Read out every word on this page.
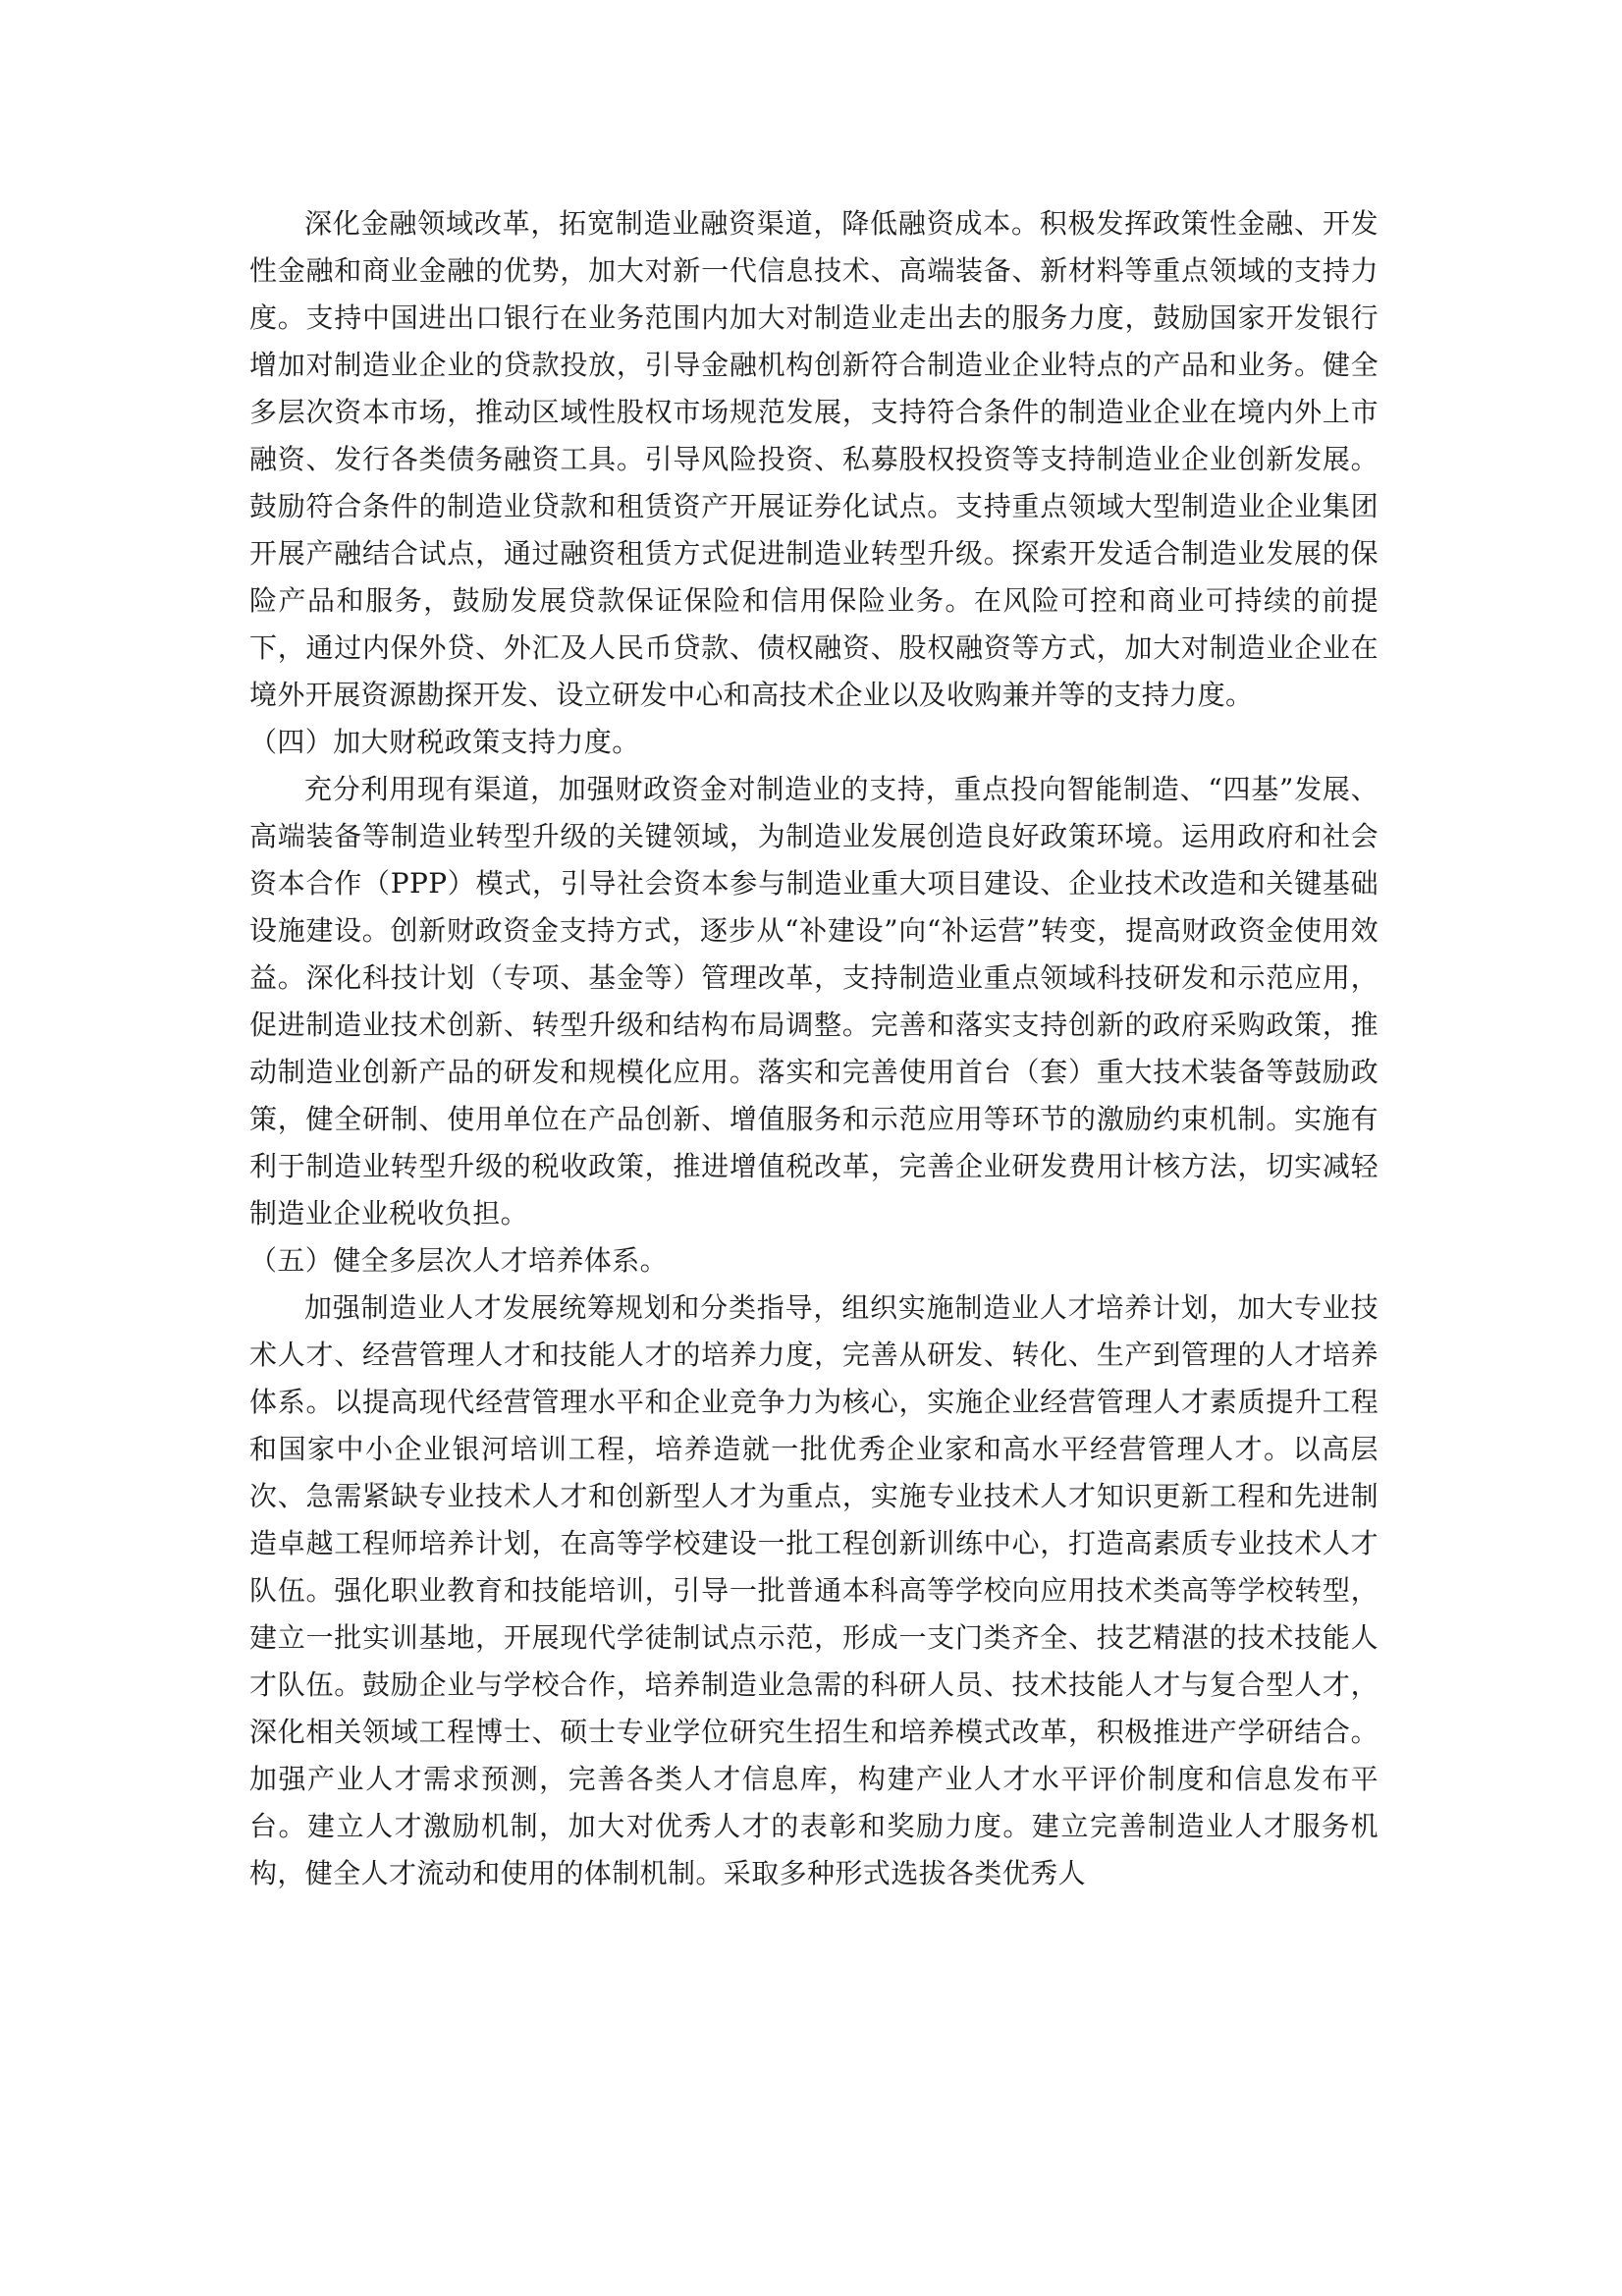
深化金融领域改革，拓宽制造业融资渠道，降低融资成本。积极发挥政策性金融、开发性金融和商业金融的优势，加大对新一代信息技术、高端装备、新材料等重点领域的支持力度。支持中国进出口银行在业务范围内加大对制造业走出去的服务力度，鼓励国家开发银行增加对制造业企业的贷款投放，引导金融机构创新符合制造业企业特点的产品和业务。健全多层次资本市场，推动区域性股权市场规范发展，支持符合条件的制造业企业在境内外上市融资、发行各类债务融资工具。引导风险投资、私募股权投资等支持制造业企业创新发展。鼓励符合条件的制造业贷款和租赁资产开展证券化试点。支持重点领域大型制造业企业集团开展产融结合试点，通过融资租赁方式促进制造业转型升级。探索开发适合制造业发展的保险产品和服务，鼓励发展贷款保证保险和信用保险业务。在风险可控和商业可持续的前提下，通过内保外贷、外汇及人民币贷款、债权融资、股权融资等方式，加大对制造业企业在境外开展资源勘探开发、设立研发中心和高技术企业以及收购兼并等的支持力度。

（四）加大财税政策支持力度。

充分利用现有渠道，加强财政资金对制造业的支持，重点投向智能制造、“四基”发展、高端装备等制造业转型升级的关键领域，为制造业发展创造良好政策环境。运用政府和社会资本合作（PPP）模式，引导社会资本参与制造业重大项目建设、企业技术改造和关键基础设施建设。创新财政资金支持方式，逐步从“补建设”向“补运营”转变，提高财政资金使用效益。深化科技计划（专项、基金等）管理改革，支持制造业重点领域科技研发和示范应用，促进制造业技术创新、转型升级和结构布局调整。完善和落实支持创新的政府采购政策，推动制造业创新产品的研发和规模化应用。落实和完善使用首台（套）重大技术装备等鼓励政策，健全研制、使用单位在产品创新、增值服务和示范应用等环节的激励约束机制。实施有利于制造业转型升级的税收政策，推进增值税改革，完善企业研发费用计核方法，切实减轻制造业企业税收负担。

（五）健全多层次人才培养体系。

加强制造业人才发展统筹规划和分类指导，组织实施制造业人才培养计划，加大专业技术人才、经营管理人才和技能人才的培养力度，完善从研发、转化、生产到管理的人才培养体系。以提高现代经营管理水平和企业竞争力为核心，实施企业经营管理人才素质提升工程和国家中小企业银河培训工程，培养造就一批优秀企业家和高水平经营管理人才。以高层次、急需紧缺专业技术人才和创新型人才为重点，实施专业技术人才知识更新工程和先进制造卓越工程师培养计划，在高等学校建设一批工程创新训练中心，打造高素质专业技术人才队伍。强化职业教育和技能培训，引导一批普通本科高等学校向应用技术类高等学校转型，建立一批实训基地，开展现代学徒制试点示范，形成一支门类齐全、技艺精湛的技术技能人才队伍。鼓励企业与学校合作，培养制造业急需的科研人员、技术技能人才与复合型人才，深化相关领域工程博士、硕士专业学位研究生招生和培养模式改革，积极推进产学研结合。加强产业人才需求预测，完善各类人才信息库，构建产业人才水平评价制度和信息发布平台。建立人才激励机制，加大对优秀人才的表彰和奖励力度。建立完善制造业人才服务机构，健全人才流动和使用的体制机制。采取多种形式选拔各类优秀人
